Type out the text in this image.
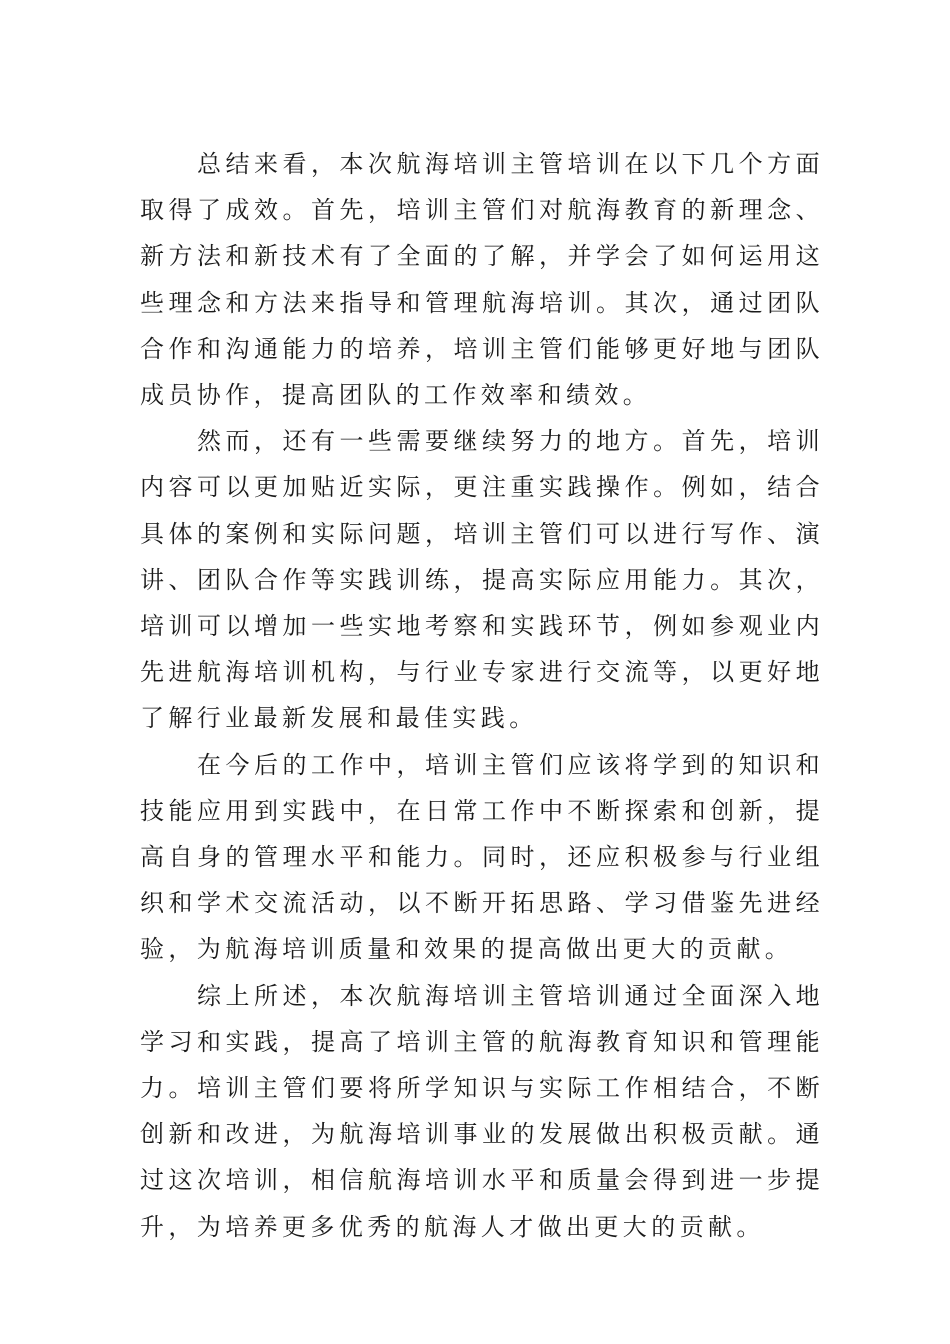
总结来看，本次航海培训主管培训在以下几个方面取得了成效。首先，培训主管们对航海教育的新理念、新方法和新技术有了全面的了解，并学会了如何运用这些理念和方法来指导和管理航海培训。其次，通过团队合作和沟通能力的培养，培训主管们能够更好地与团队成员协作，提高团队的工作效率和绩效。

然而，还有一些需要继续努力的地方。首先，培训内容可以更加贴近实际，更注重实践操作。例如，结合具体的案例和实际问题，培训主管们可以进行写作、演讲、团队合作等实践训练，提高实际应用能力。其次，培训可以增加一些实地考察和实践环节，例如参观业内先进航海培训机构，与行业专家进行交流等，以更好地了解行业最新发展和最佳实践。

在今后的工作中，培训主管们应该将学到的知识和技能应用到实践中，在日常工作中不断探索和创新，提高自身的管理水平和能力。同时，还应积极参与行业组织和学术交流活动，以不断开拓思路、学习借鉴先进经验，为航海培训质量和效果的提高做出更大的贡献。

综上所述，本次航海培训主管培训通过全面深入地学习和实践，提高了培训主管的航海教育知识和管理能力。培训主管们要将所学知识与实际工作相结合，不断创新和改进，为航海培训事业的发展做出积极贡献。通过这次培训，相信航海培训水平和质量会得到进一步提升，为培养更多优秀的航海人才做出更大的贡献。
